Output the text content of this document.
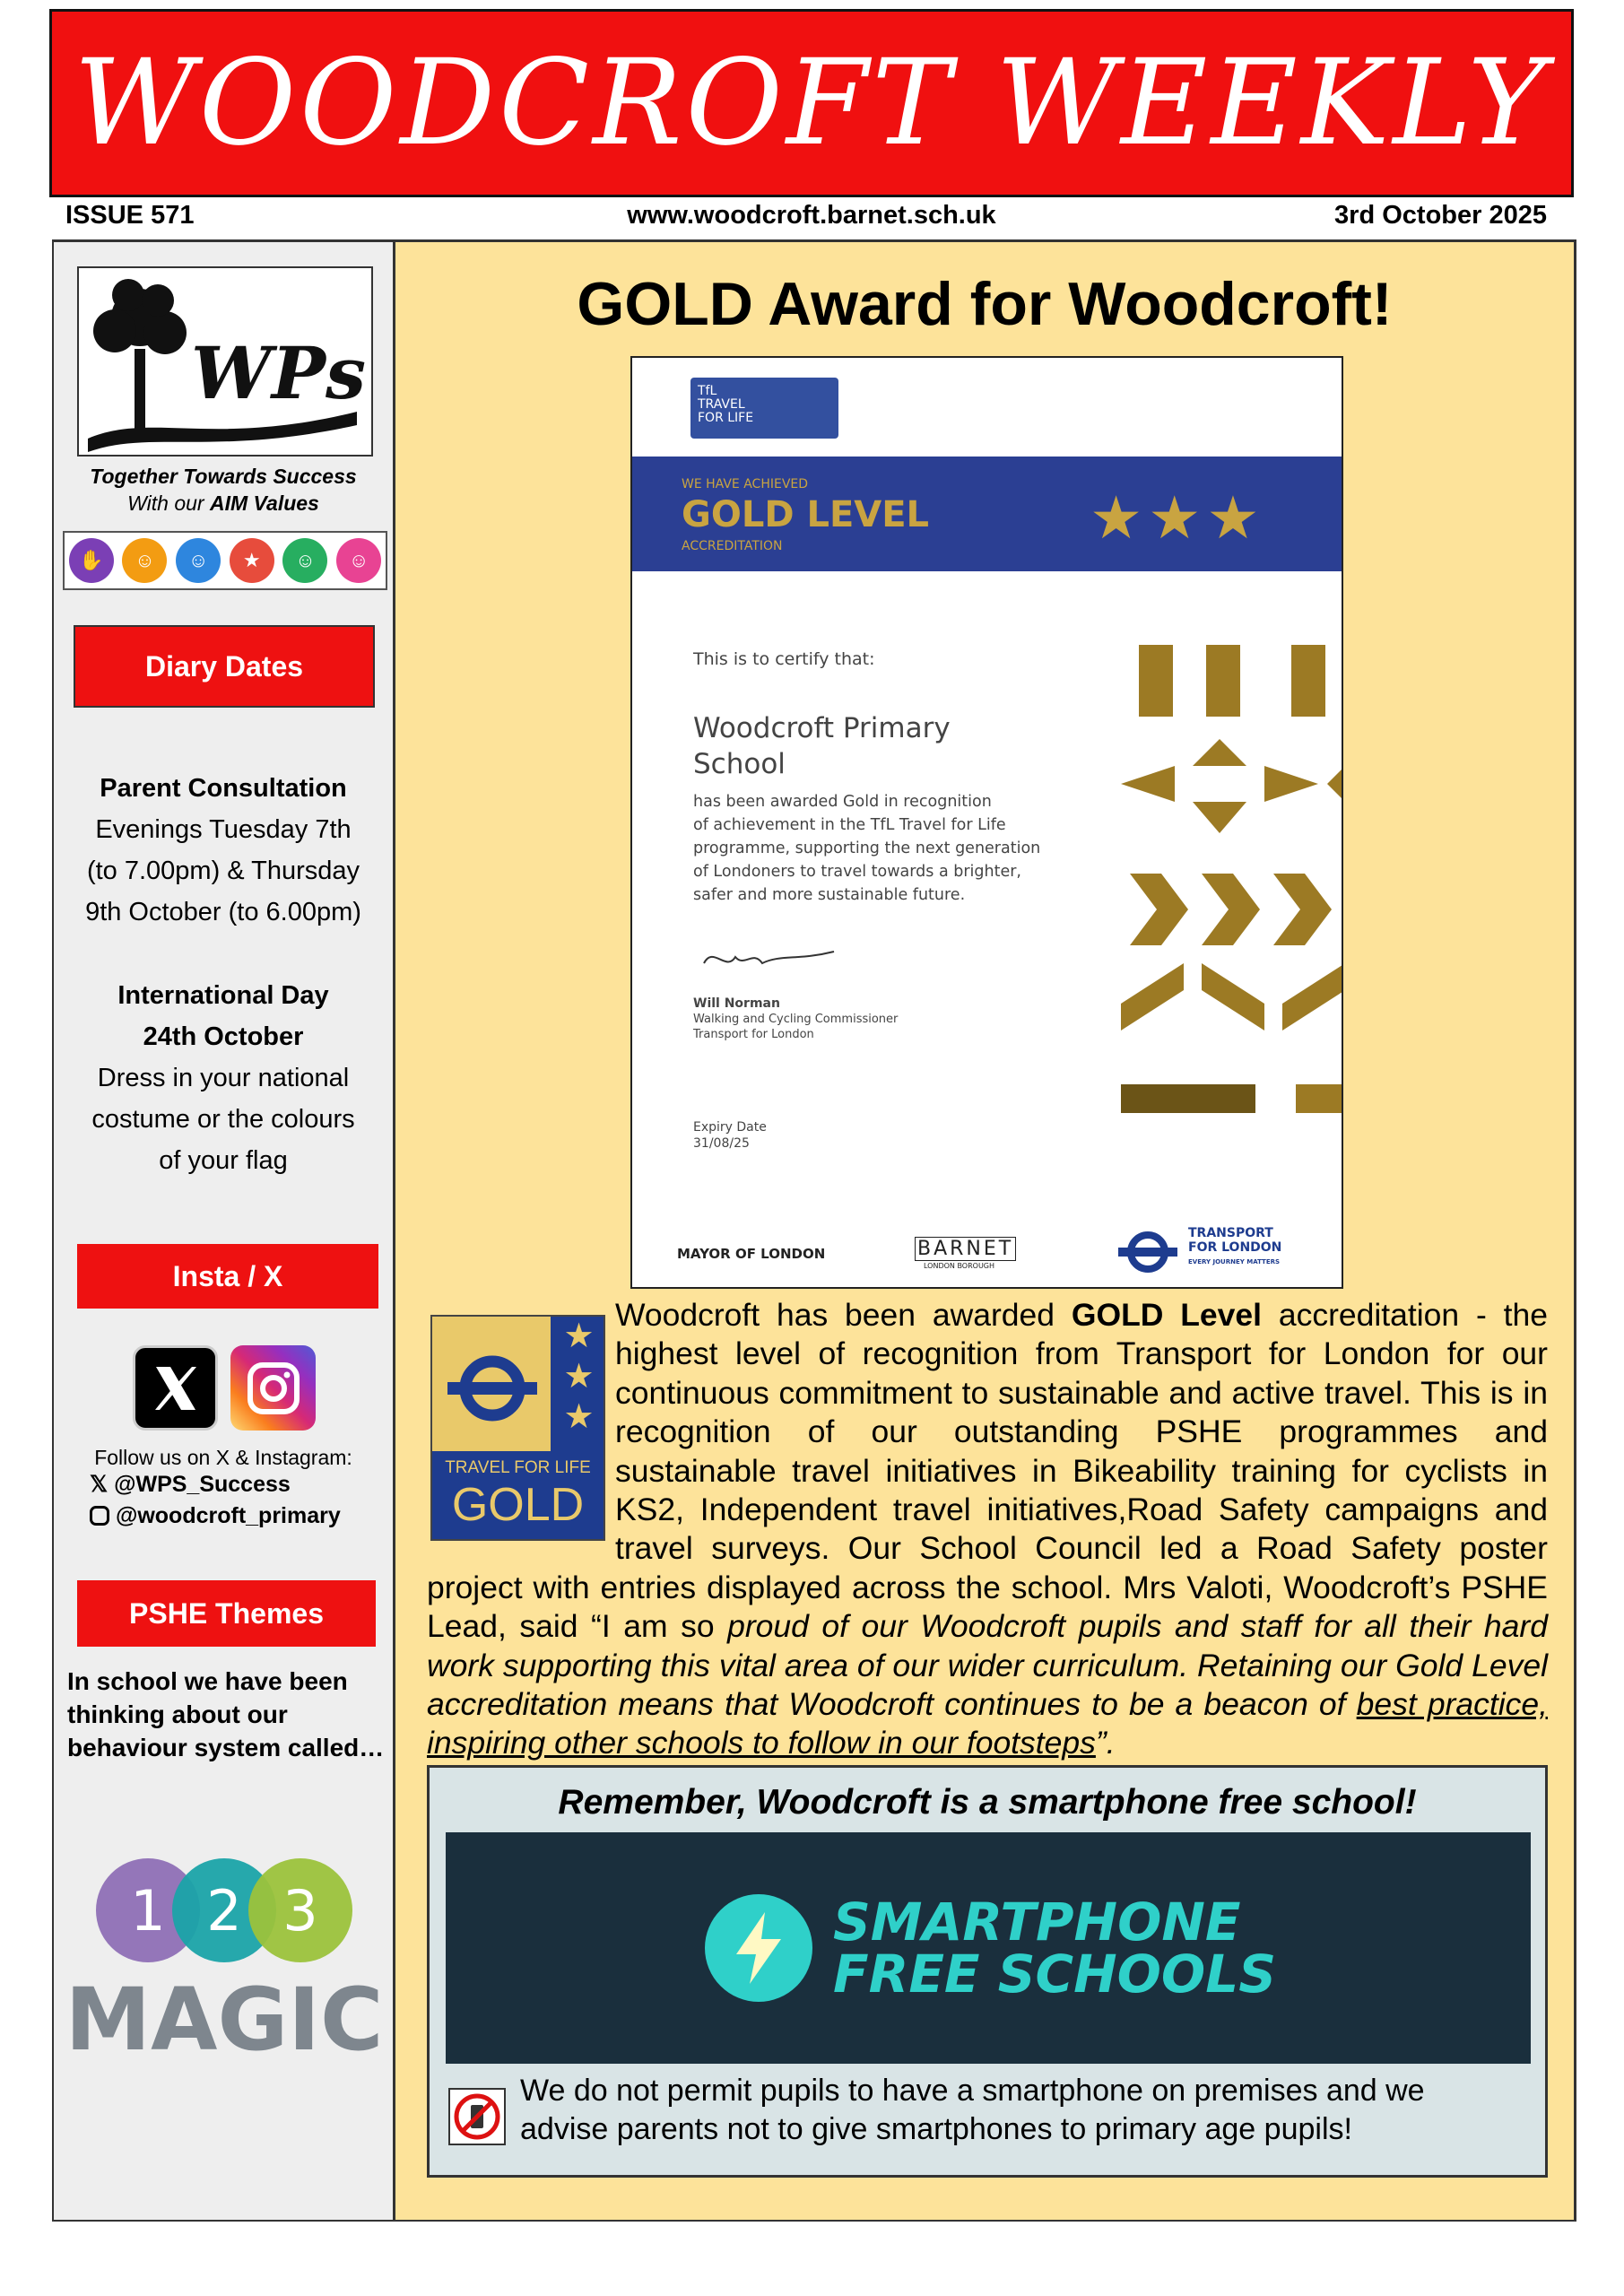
WOODCROFT WEEKLY
ISSUE 571	www.woodcroft.barnet.sch.uk	3rd October 2025
WPs
Together Towards Success
With our AIM Values
✋	☺	☺	★	☺	☺
Diary Dates
Parent Consultation
Evenings Tuesday 7th
(to 7.00pm) & Thursday
9th October (to 6.00pm)
International Day
24th October
Dress in your national
costume or the colours
of your flag
Insta / X
Follow us on X & Instagram:
𝕏 @WPS_Success
@woodcroft_primary
PSHE Themes
In school we have been thinking about our behaviour system called…
1 2 3
MAGIC
GOLD Award for Woodcroft!
TfL
TRAVEL
FOR LIFE
WE HAVE ACHIEVED
GOLD LEVEL
ACCREDITATION	★★★
This is to certify that:
Woodcroft Primary
School
has been awarded Gold in recognition
of achievement in the TfL Travel for Life
programme, supporting the next generation
of Londoners to travel towards a brighter,
safer and more sustainable future.
Will Norman
Walking and Cycling Commissioner
Transport for London
Expiry Date
31/08/25
MAYOR OF LONDON	BARNET
LONDON BOROUGH
TRANSPORT
FOR LONDON
EVERY JOURNEY MATTERS

Woodcroft has been awarded GOLD Level accreditation - the highest level of recognition from Transport for London for our continuous commitment to sustainable and active travel. This is in recognition of our outstanding PSHE programmes and sustainable travel initiatives in Bikeability training for cyclists in KS2, Independent travel initiatives,Road Safety campaigns and travel surveys. Our School Council led a Road Safety poster project with entries displayed across the school. Mrs Valoti, Woodcroft’s PSHE Lead, said “I am so proud of our Woodcroft pupils and staff for all their hard work supporting this vital area of our wider curriculum. Retaining our Gold Level accreditation means that Woodcroft continues to be a beacon of best practice, inspiring other schools to follow in our footsteps”.

★
★
★
TRAVEL FOR LIFE
GOLD
Remember, Woodcroft is a smartphone free school!
SMARTPHONE
FREE SCHOOLS
We do not permit pupils to have a smartphone on premises and we advise parents not to give smartphones to primary age pupils!
